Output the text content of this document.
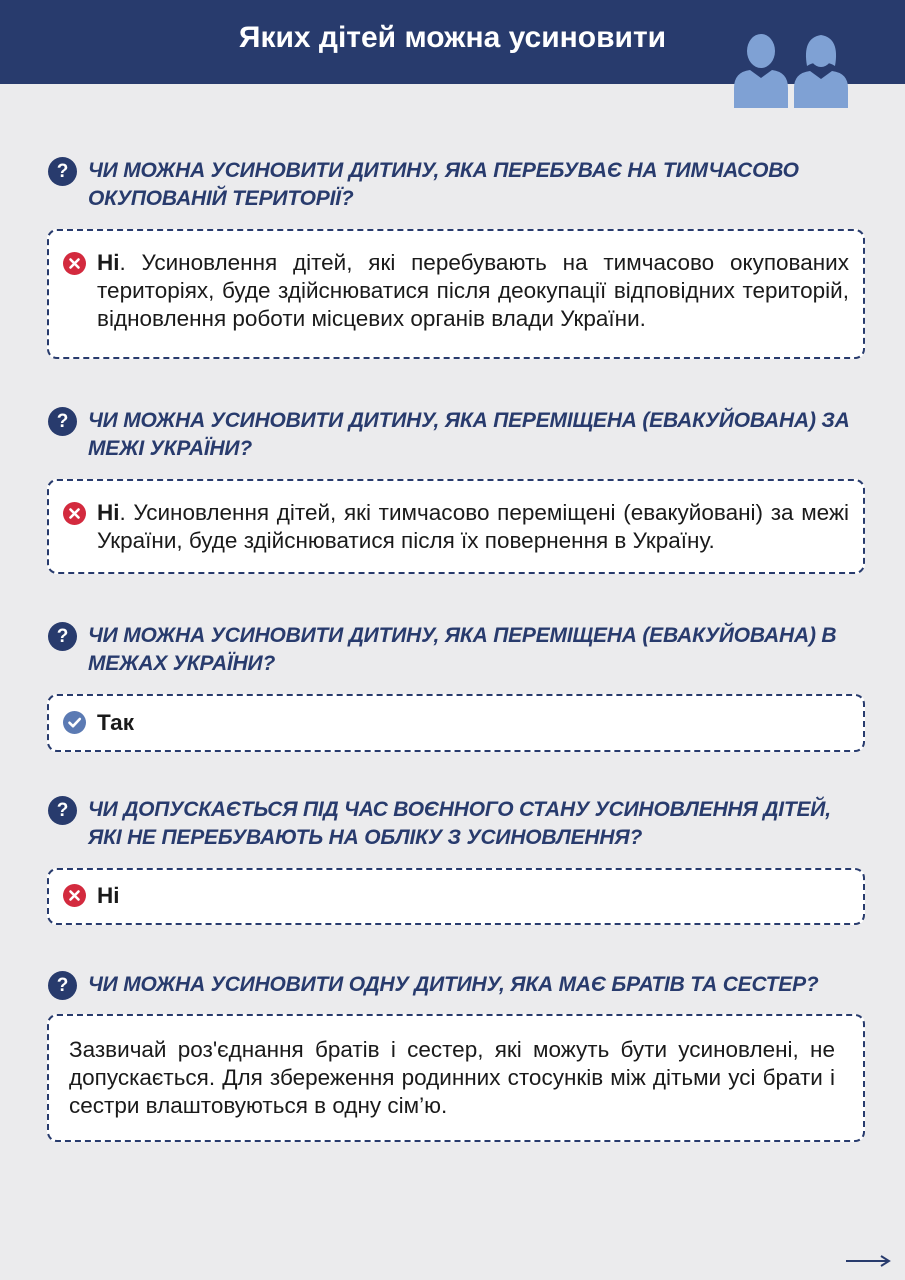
Яких дітей можна усиновити
? ЧИ МОЖНА УСИНОВИТИ ДИТИНУ, ЯКА ПЕРЕБУВАЄ НА ТИМЧАСОВО ОКУПОВАНІЙ ТЕРИТОРІЇ?
Ні. Усиновлення дітей, які перебувають на тимчасово окупованих територіях, буде здійснюватися після деокупації відповідних територій, відновлення роботи місцевих органів влади України.
? ЧИ МОЖНА УСИНОВИТИ ДИТИНУ, ЯКА ПЕРЕМІЩЕНА (ЕВАКУЙОВАНА) ЗА МЕЖІ УКРАЇНИ?
Ні. Усиновлення дітей, які тимчасово переміщені (евакуйовані) за межі України, буде здійснюватися після їх повернення в Україну.
? ЧИ МОЖНА УСИНОВИТИ ДИТИНУ, ЯКА ПЕРЕМІЩЕНА (ЕВАКУЙОВАНА) В МЕЖАХ УКРАЇНИ?
Так
? ЧИ ДОПУСКАЄТЬСЯ ПІД ЧАС ВОЄННОГО СТАНУ УСИНОВЛЕННЯ ДІТЕЙ, ЯКІ НЕ ПЕРЕБУВАЮТЬ НА ОБЛІКУ З УСИНОВЛЕННЯ?
Ні
? ЧИ МОЖНА УСИНОВИТИ ОДНУ ДИТИНУ, ЯКА МАЄ БРАТІВ ТА СЕСТЕР?
Зазвичай роз'єднання братів і сестер, які можуть бути усиновлені, не допускається. Для збереження родинних стосунків між дітьми усі брати і сестри влаштовуються в одну сім’ю.
